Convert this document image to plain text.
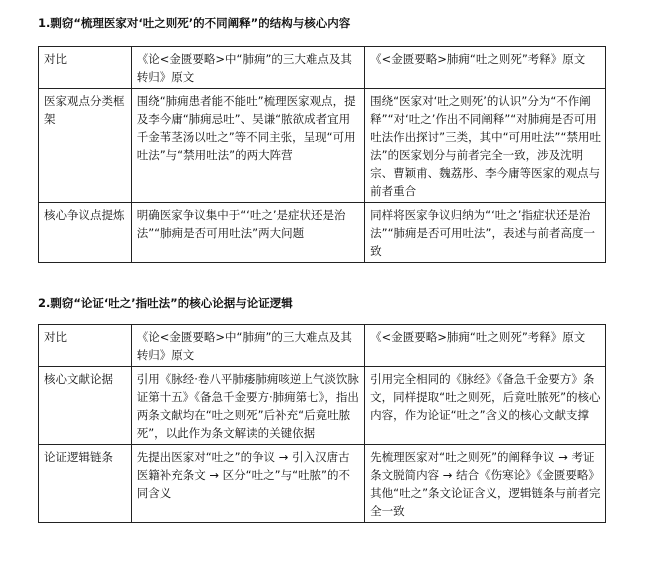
1.剽窃“梳理医家对‘吐之则死’的不同阐释”的结构与核心内容
对比	《论<金匮要略>中“肺痈”的三大难点及其转归》原文	《<金匮要略>肺痈“吐之则死”考释》原文
医家观点分类框架	围绕“肺痈患者能不能吐”梳理医家观点，提及李今庸“肺痈忌吐”、吴谦“脓欲成者宜用千金苇茎汤以吐之”等不同主张，呈现“可用吐法”与“禁用吐法”的两大阵营	围绕“医家对‘吐之则死’的认识”分为“不作阐释”“对‘吐之’作出不同阐释”“对肺痈是否可用吐法作出探讨”三类，其中“可用吐法”“禁用吐法”的医家划分与前者完全一致，涉及沈明宗、曹颖甫、魏荔彤、李今庸等医家的观点与前者重合
核心争议点提炼	明确医家争议集中于“‘吐之’是症状还是治法”“肺痈是否可用吐法”两大问题	同样将医家争议归纳为“‘吐之’指症状还是治法”“肺痈是否可用吐法”，表述与前者高度一致
2.剽窃“论证‘吐之’指吐法”的核心论据与论证逻辑
对比	《论<金匮要略>中“肺痈”的三大难点及其转归》原文	《<金匮要略>肺痈“吐之则死”考释》原文
核心文献论据	引用《脉经·卷八平肺痿肺痈咳逆上气淡饮脉证第十五》《备急千金要方·肺痈第七》，指出两条文献均在“吐之则死”后补充“后竟吐脓死”，以此作为条文解读的关键依据	引用完全相同的《脉经》《备急千金要方》条文，同样提取“吐之则死，后竟吐脓死”的核心内容，作为论证“吐之”含义的核心文献支撑
论证逻辑链条	先提出医家对“吐之”的争议 → 引入汉唐古医籍补充条文 → 区分“吐之”与“吐脓”的不同含义	先梳理医家对“吐之则死”的阐释争议 → 考证条文脱简内容 → 结合《伤寒论》《金匮要略》其他“吐之”条文论证含义，逻辑链条与前者完全一致
